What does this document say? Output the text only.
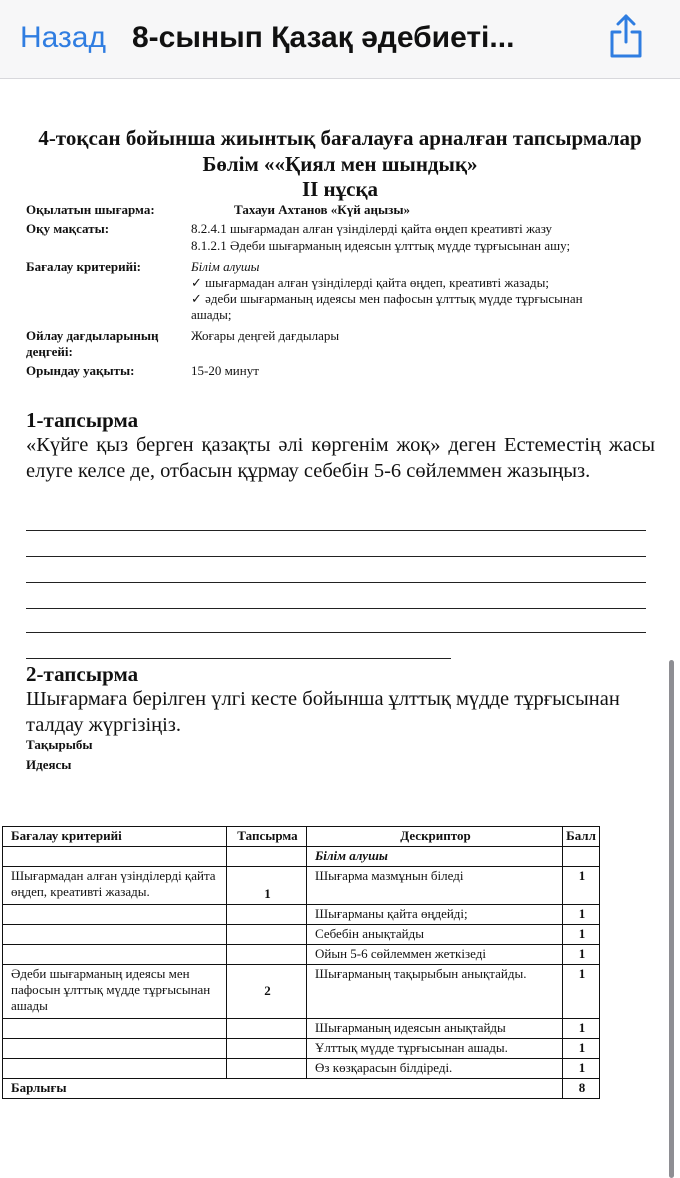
Назад 8-сынып Қазақ әдебиеті...
4-тоқсан бойынша жиынтық бағалауға арналған тапсырмалар
Бөлім ««Қиял мен шындық»
II нұсқа
Оқылатын шығарма:	Тахауи Ахтанов «Күй аңызы»
Оқу мақсаты:	8.2.4.1 шығармадан алған үзінділерді қайта өңдеп креативті жазу
8.1.2.1 Әдеби шығарманың идеясын ұлттық мүдде тұрғысынан ашу;
Бағалау критерийі:	Білім алушы
✓ шығармадан алған үзінділерді қайта өңдеп, креативті жазады;
✓ әдеби шығарманың идеясы мен пафосын ұлттық мүдде тұрғысынан
ашады;
Ойлау дағдыларының
деңгейі:
Жоғары деңгей дағдылары
Орындау уақыты:	15-20 минут
1-тапсырма
«Күйге қыз берген қазақты әлі көргенім жоқ» деген Естеместің жасы елуге келсе де, отбасын құрмау себебін 5-6 сөйлеммен жазыңыз.
2-тапсырма
Шығармаға берілген үлгі кесте бойынша ұлттық мүдде тұрғысынан талдау жүргізіңіз.
Тақырыбы
Идеясы
Бағалау критерийі	Тапсырма	Дескриптор	Балл
		Білім алушы	
Шығармадан алған үзінділерді қайта өңдеп, креативті жазады.	1	Шығарма мазмұнын біледі	1
		Шығарманы қайта өңдейді;	1
		Себебін анықтайды	1
		Ойын 5-6 сөйлеммен жеткізеді	1
Әдеби шығарманың идеясы мен пафосын ұлттық мүдде тұрғысынан ашады	2	Шығарманың тақырыбын анықтайды.	1
		Шығарманың идеясын анықтайды	1
		Ұлттық мүдде тұрғысынан ашады.	1
		Өз көзқарасын білдіреді.	1
Барлығы			8
